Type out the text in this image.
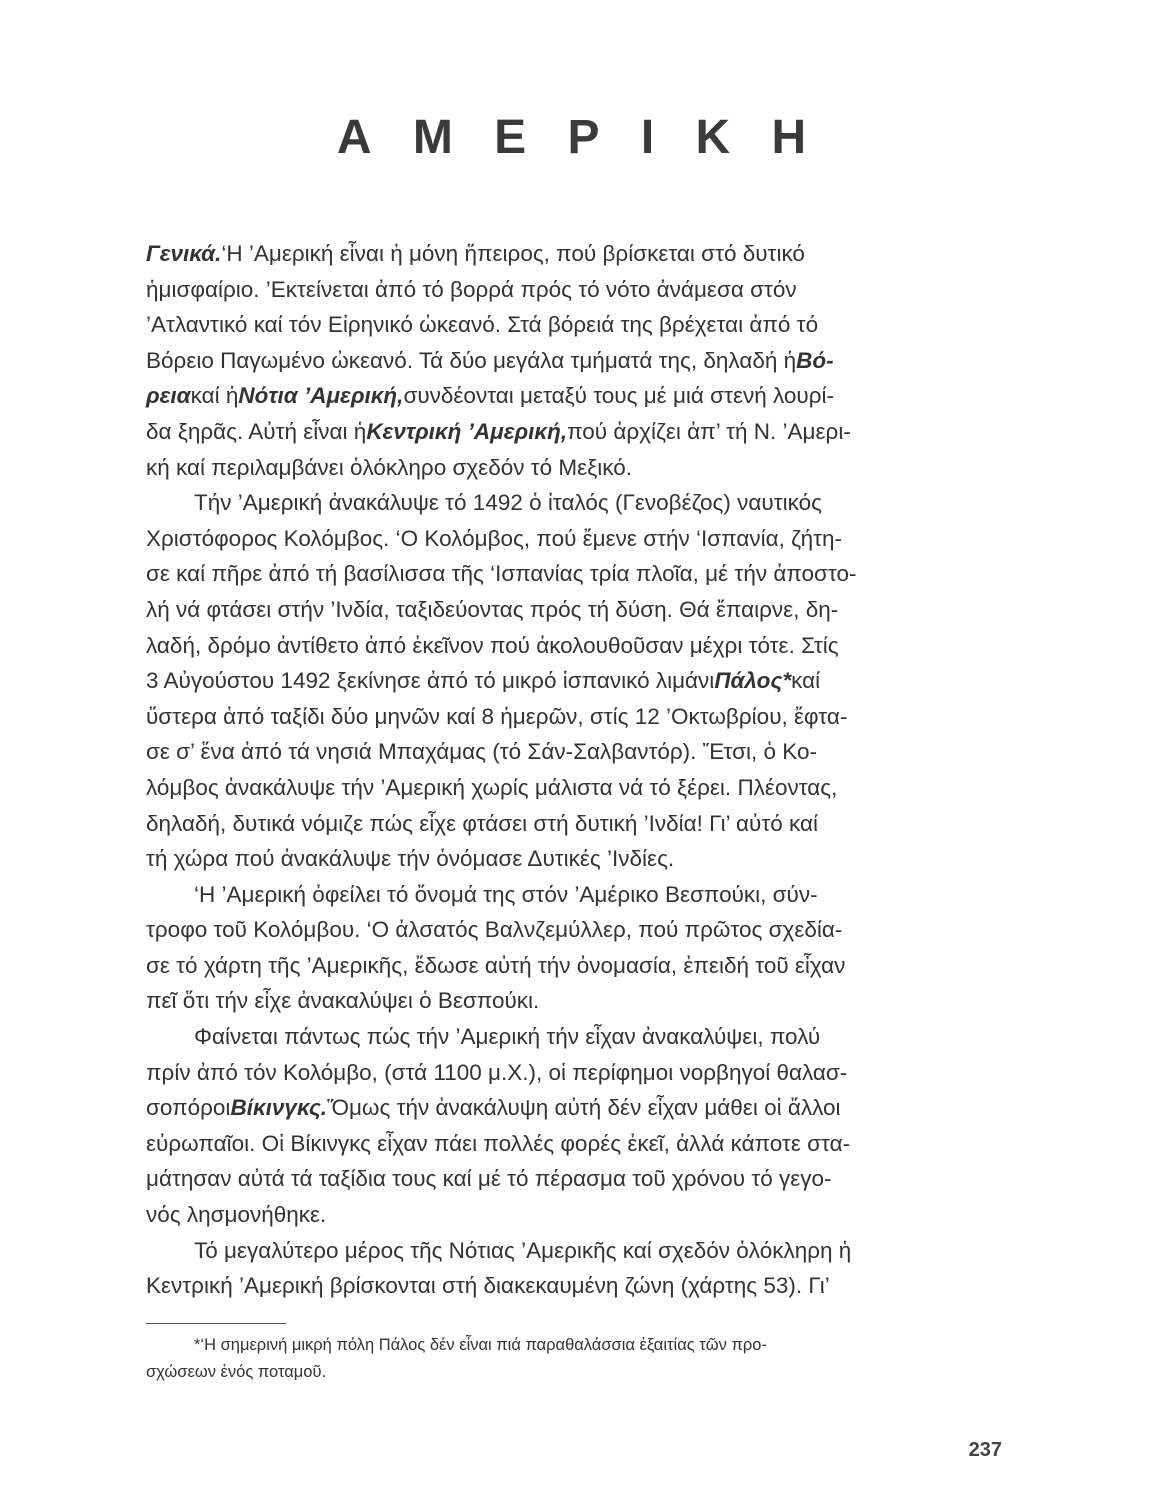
Α Μ Ε Ρ Ι Κ Η
Γενικά.‘Η ’Αμερική εἶναι ἡ μόνη ἥπειρος, πού βρίσκεται στό δυτικό
ἡμισφαίριο. ’Εκτείνεται ἀπό τό βορρά πρός τό νότο ἀνάμεσα στόν
’Ατλαντικό καί τόν Εἰρηνικό ὠκεανό. Στά βόρειά της βρέχεται ἀπό τό
Βόρειο Παγωμένο ὠκεανό. Τά δύο μεγάλα τμήματά της, δηλαδή ἡΒό-
ρειακαί ἡΝότια ’Αμερική,συνδέονται μεταξύ τους μέ μιά στενή λουρί-
δα ξηρᾶς. Αὐτή εἶναι ἡΚεντρική ’Αμερική,πού ἀρχίζει ἀπ’ τή Ν. ’Αμερι-
κή καί περιλαμβάνει ὁλόκληρο σχεδόν τό Μεξικό.
Τήν ’Αμερική ἀνακάλυψε τό 1492 ὁ ἰταλός (Γενοβέζος) ναυτικός
Χριστόφορος Κολόμβος. ‘Ο Κολόμβος, πού ἔμενε στήν ‘Ισπανία, ζήτη-
σε καί πῆρε ἀπό τή βασίλισσα τῆς ‘Ισπανίας τρία πλοῖα, μέ τήν ἀποστο-
λή νά φτάσει στήν ’Ινδία, ταξιδεύοντας πρός τή δύση. Θά ἔπαιρνε, δη-
λαδή, δρόμο ἀντίθετο ἀπό ἐκεῖνον πού ἀκολουθοῦσαν μέχρι τότε. Στίς
3 Αὐγούστου 1492 ξεκίνησε ἀπό τό μικρό ἱσπανικό λιμάνιΠάλος*καί
ὕστερα ἀπό ταξίδι δύο μηνῶν καί 8 ἡμερῶν, στίς 12 ’Οκτωβρίου, ἔφτα-
σε σ’ ἕνα ἀπό τά νησιά Μπαχάμας (τό Σάν-Σαλβαντόρ). Ἔτσι, ὁ Κο-
λόμβος ἀνακάλυψε τήν ’Αμερική χωρίς μάλιστα νά τό ξέρει. Πλέοντας,
δηλαδή, δυτικά νόμιζε πώς εἶχε φτάσει στή δυτική ’Ινδία! Γι’ αὐτό καί
τή χώρα πού ἀνακάλυψε τήν ὀνόμασε Δυτικές ’Ινδίες.
‘Η ’Αμερική ὀφείλει τό ὄνομά της στόν ’Αμέρικο Βεσπούκι, σύν-
τροφο τοῦ Κολόμβου. ‘Ο ἀλσατός Βαλνζεμύλλερ, πού πρῶτος σχεδία-
σε τό χάρτη τῆς ’Αμερικῆς, ἔδωσε αὐτή τήν ὀνομασία, ἐπειδή τοῦ εἶχαν
πεῖ ὅτι τήν εἶχε ἀνακαλύψει ὁ Βεσπούκι.
Φαίνεται πάντως πώς τήν ’Αμερική τήν εἶχαν ἀνακαλύψει, πολύ
πρίν ἀπό τόν Κολόμβο, (στά 1100 μ.Χ.), οἱ περίφημοι νορβηγοί θαλασ-
σοπόροιΒίκινγκς.Ὅμως τήν ἀνακάλυψη αὐτή δέν εἶχαν μάθει οἱ ἄλλοι
εὐρωπαῖοι. Οἱ Βίκινγκς εἶχαν πάει πολλές φορές ἐκεῖ, ἀλλά κάποτε στα-
μάτησαν αὐτά τά ταξίδια τους καί μέ τό πέρασμα τοῦ χρόνου τό γεγο-
νός λησμονήθηκε.
Τό μεγαλύτερο μέρος τῆς Νότιας ’Αμερικῆς καί σχεδόν ὁλόκληρη ἡ
Κεντρική ’Αμερική βρίσκονται στή διακεκαυμένη ζώνη (χάρτης 53). Γι’
*‘Η σημερινή μικρή πόλη Πάλος δέν εἶναι πιά παραθαλάσσια ἐξαιτίας τῶν προ-
σχώσεων ἑνός ποταμοῦ.
237
